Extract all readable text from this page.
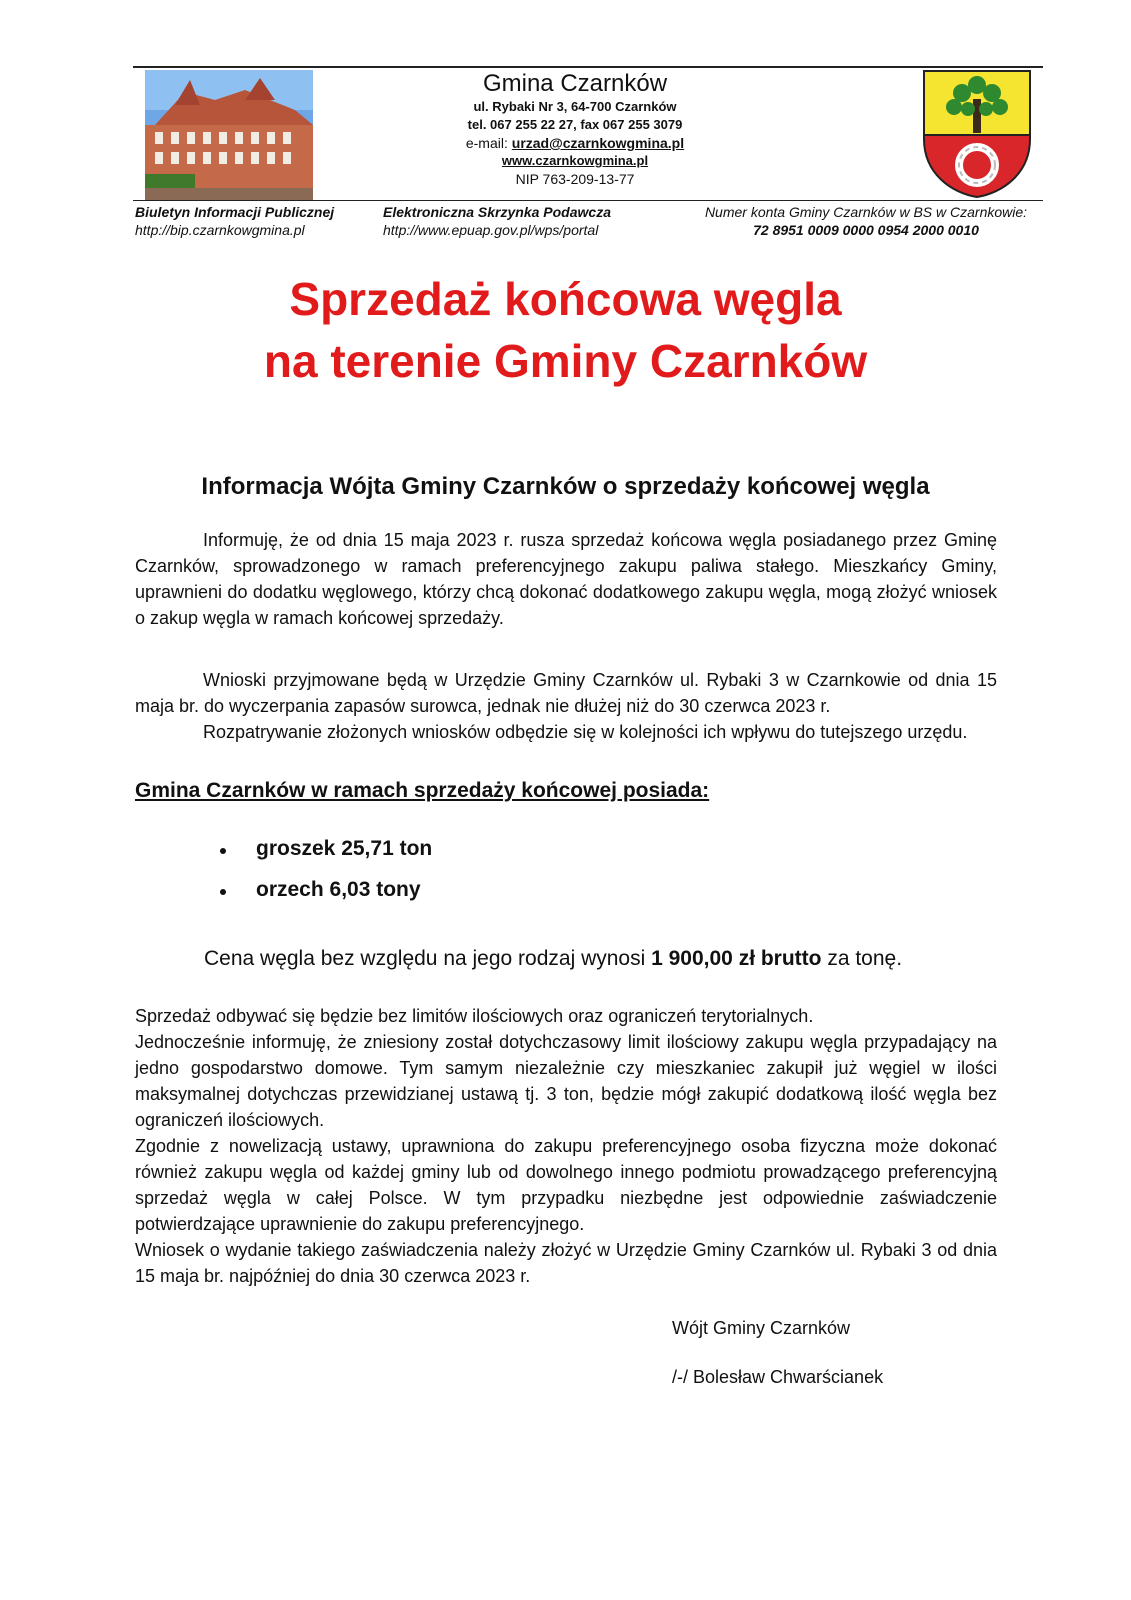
Gmina Czarnków
ul. Rybaki Nr 3, 64-700 Czarnków
tel. 067 255 22 27, fax 067 255 3079
e-mail: urzad@czarnkowgmina.pl
www.czarnkowgmina.pl
NIP 763-209-13-77
Biuletyn Informacji Publicznej
http://bip.czarnkowgmina.pl
Elektroniczna Skrzynka Podawcza
http://www.epuap.gov.pl/wps/portal
Numer konta Gminy Czarnków w BS w Czarnkowie:
72 8951 0009 0000 0954 2000 0010
Sprzedaż końcowa węgla
na terenie Gminy Czarnków
Informacja Wójta Gminy Czarnków o sprzedaży końcowej węgla
Informuję, że od dnia 15 maja 2023 r. rusza sprzedaż końcowa węgla posiadanego przez Gminę Czarnków, sprowadzonego w ramach preferencyjnego zakupu paliwa stałego. Mieszkańcy Gminy, uprawnieni do dodatku węglowego, którzy chcą dokonać dodatkowego zakupu węgla, mogą złożyć wniosek o zakup węgla w ramach końcowej sprzedaży.
Wnioski przyjmowane będą w Urzędzie Gminy Czarnków ul. Rybaki 3 w Czarnkowie od dnia 15 maja br. do wyczerpania zapasów surowca, jednak nie dłużej niż do 30 czerwca 2023 r.
Rozpatrywanie złożonych wniosków odbędzie się w kolejności ich wpływu do tutejszego urzędu.
Gmina Czarnków w ramach sprzedaży końcowej posiada:
groszek 25,71 ton
orzech 6,03 tony
Cena węgla bez względu na jego rodzaj wynosi 1 900,00 zł brutto za tonę.
Sprzedaż odbywać się będzie bez limitów ilościowych oraz ograniczeń terytorialnych.
Jednocześnie informuję, że zniesiony został dotychczasowy limit ilościowy zakupu węgla przypadający na jedno gospodarstwo domowe. Tym samym niezależnie czy mieszkaniec zakupił już węgiel w ilości maksymalnej dotychczas przewidzianej ustawą tj. 3 ton, będzie mógł zakupić dodatkową ilość węgla bez ograniczeń ilościowych.
Zgodnie z nowelizacją ustawy, uprawniona do zakupu preferencyjnego osoba fizyczna może dokonać również zakupu węgla od każdej gminy lub od dowolnego innego podmiotu prowadzącego preferencyjną sprzedaż węgla w całej Polsce. W tym przypadku niezbędne jest odpowiednie zaświadczenie potwierdzające uprawnienie do zakupu preferencyjnego.
Wniosek o wydanie takiego zaświadczenia należy złożyć w Urzędzie Gminy Czarnków ul. Rybaki 3 od dnia 15 maja br. najpóźniej do dnia 30 czerwca 2023 r.
Wójt Gminy Czarnków
/-/ Bolesław Chwarścianek
